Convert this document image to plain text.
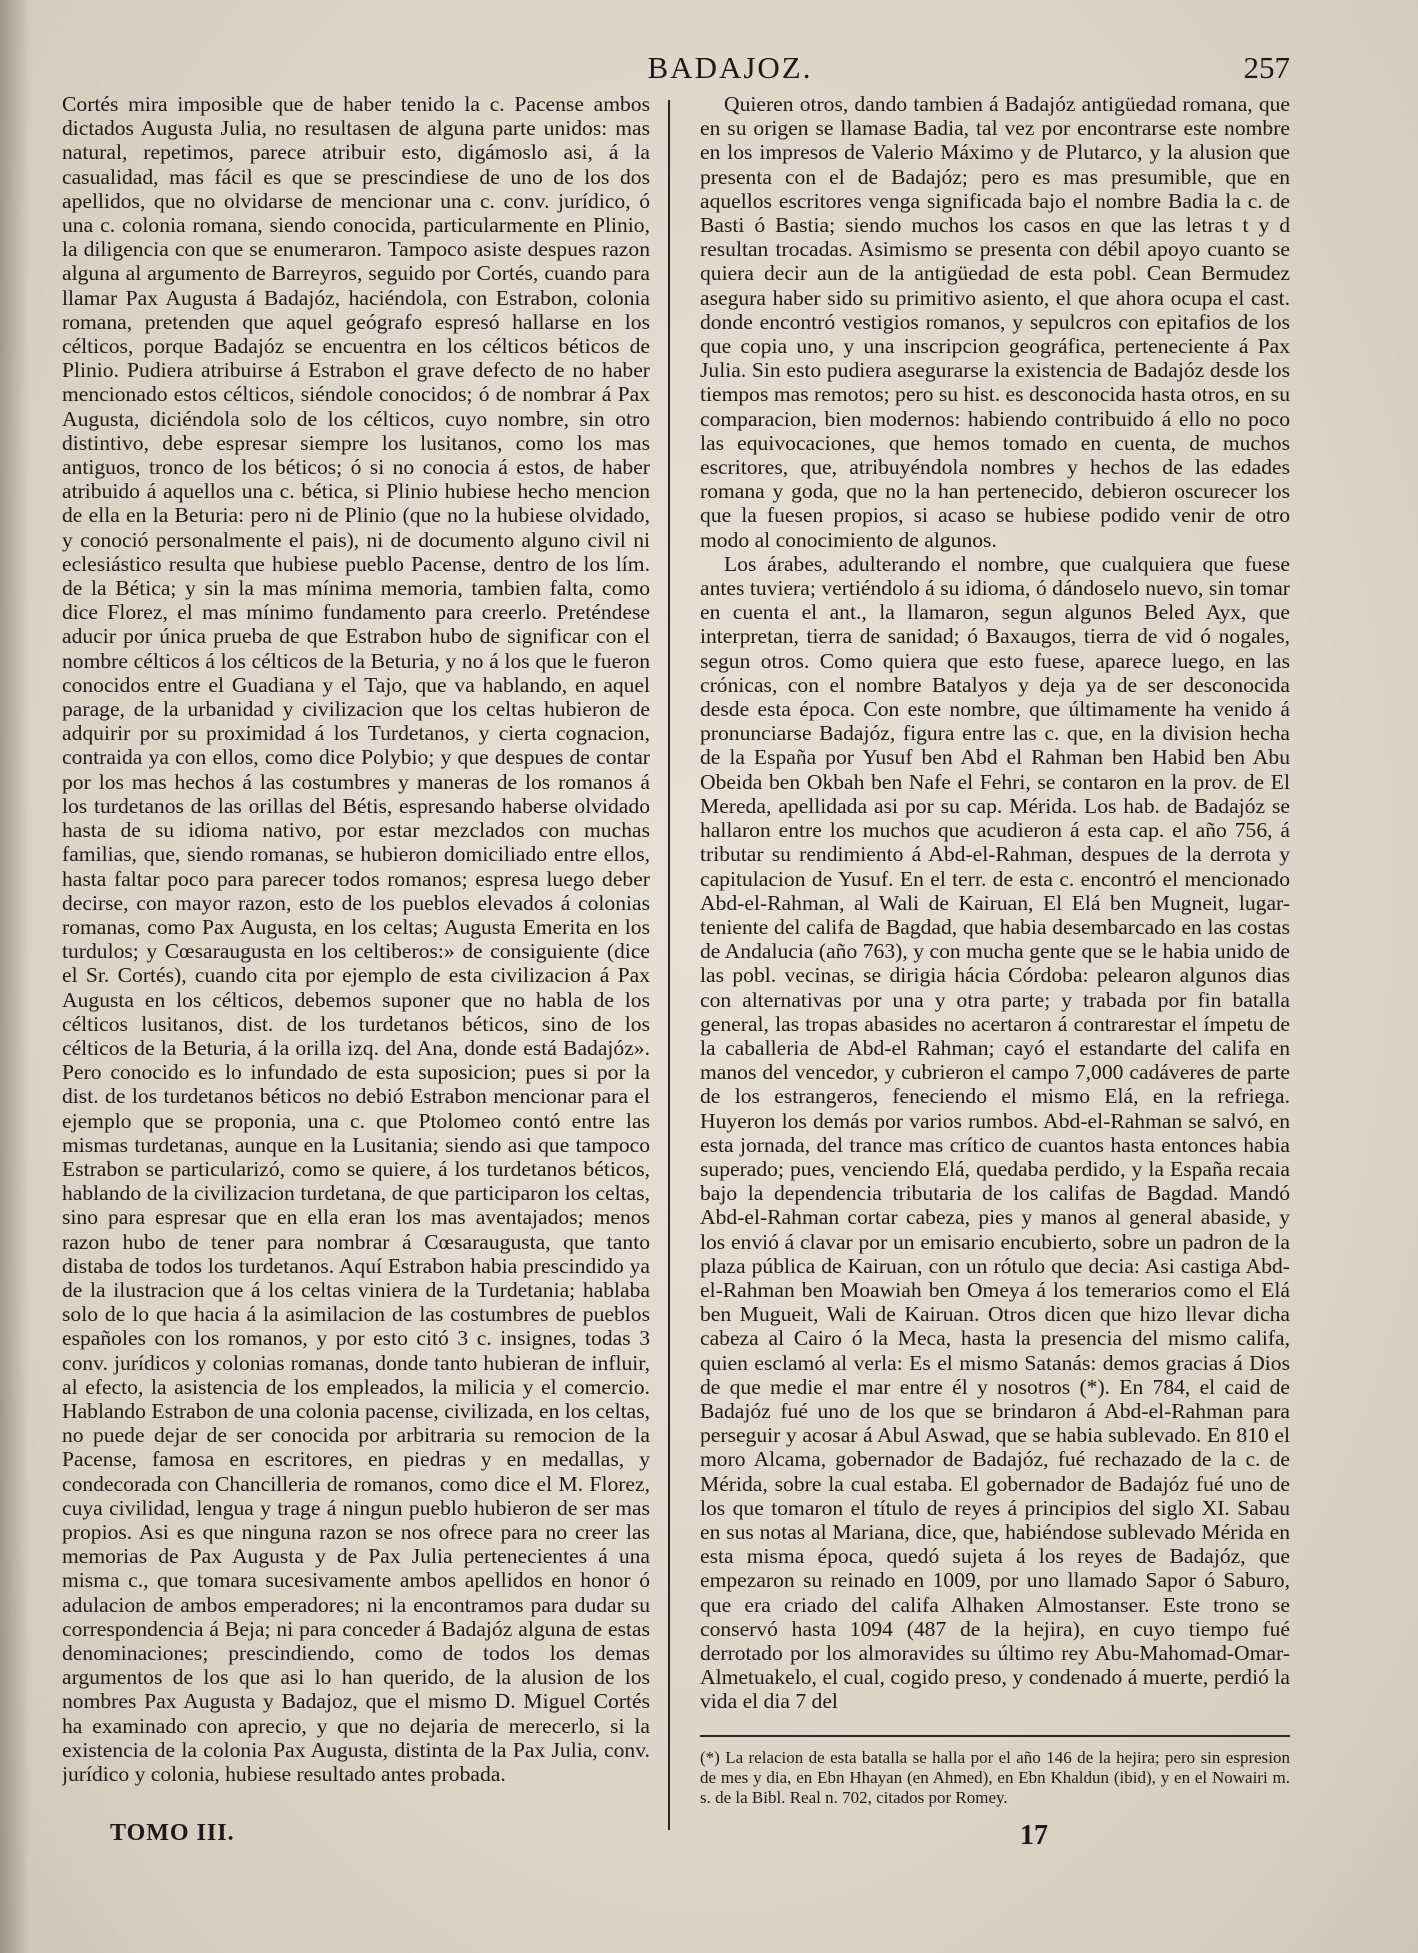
BADAJOZ.	257

Cortés mira imposible que de haber tenido la c. Pacense ambos dictados Augusta Julia, no resultasen de alguna parte unidos: mas natural, repetimos, parece atribuir esto, digámoslo asi, á la casualidad, mas fácil es que se prescindiese de uno de los dos apellidos, que no olvidarse de mencionar una c. conv. jurídico, ó una c. colonia romana, siendo conocida, particularmente en Plinio, la diligencia con que se enumeraron. Tampoco asiste despues razon alguna al argumento de Barreyros, seguido por Cortés, cuando para llamar Pax Augusta á Badajóz, haciéndola, con Estrabon, colonia romana, pretenden que aquel geógrafo espresó hallarse en los célticos, porque Badajóz se encuentra en los célticos béticos de Plinio. Pudiera atribuirse á Estrabon el grave defecto de no haber mencionado estos célticos, siéndole conocidos; ó de nombrar á Pax Augusta, diciéndola solo de los célticos, cuyo nombre, sin otro distintivo, debe espresar siempre los lusitanos, como los mas antiguos, tronco de los béticos; ó si no conocia á estos, de haber atribuido á aquellos una c. bética, si Plinio hubiese hecho mencion de ella en la Beturia: pero ni de Plinio (que no la hubiese olvidado, y conoció personalmente el pais), ni de documento alguno civil ni eclesiástico resulta que hubiese pueblo Pacense, dentro de los lím. de la Bética; y sin la mas mínima memoria, tambien falta, como dice Florez, el mas mínimo fundamento para creerlo. Preténdese aducir por única prueba de que Estrabon hubo de significar con el nombre célticos á los célticos de la Beturia, y no á los que le fueron conocidos entre el Guadiana y el Tajo, que va hablando, en aquel parage, de la urbanidad y civilizacion que los celtas hubieron de adquirir por su proximidad á los Turdetanos, y cierta cognacion, contraida ya con ellos, como dice Polybio; y que despues de contar por los mas hechos á las costumbres y maneras de los romanos á los turdetanos de las orillas del Bétis, espresando haberse olvidado hasta de su idioma nativo, por estar mezclados con muchas familias, que, siendo romanas, se hubieron domiciliado entre ellos, hasta faltar poco para parecer todos romanos; espresa luego deber decirse, con mayor razon, esto de los pueblos elevados á colonias romanas, como Pax Augusta, en los celtas; Augusta Emerita en los turdulos; y Cœsaraugusta en los celtiberos:» de consiguiente (dice el Sr. Cortés), cuando cita por ejemplo de esta civilizacion á Pax Augusta en los célticos, debemos suponer que no habla de los célticos lusitanos, dist. de los turdetanos béticos, sino de los célticos de la Beturia, á la orilla izq. del Ana, donde está Badajóz». Pero conocido es lo infundado de esta suposicion; pues si por la dist. de los turdetanos béticos no debió Estrabon mencionar para el ejemplo que se proponia, una c. que Ptolomeo contó entre las mismas turdetanas, aunque en la Lusitania; siendo asi que tampoco Estrabon se particularizó, como se quiere, á los turdetanos béticos, hablando de la civilizacion turdetana, de que participaron los celtas, sino para espresar que en ella eran los mas aventajados; menos razon hubo de tener para nombrar á Cœsaraugusta, que tanto distaba de todos los turdetanos. Aquí Estrabon habia prescindido ya de la ilustracion que á los celtas viniera de la Turdetania; hablaba solo de lo que hacia á la asimilacion de las costumbres de pueblos españoles con los romanos, y por esto citó 3 c. insignes, todas 3 conv. jurídicos y colonias romanas, donde tanto hubieran de influir, al efecto, la asistencia de los empleados, la milicia y el comercio. Hablando Estrabon de una colonia pacense, civilizada, en los celtas, no puede dejar de ser conocida por arbitraria su remocion de la Pacense, famosa en escritores, en piedras y en medallas, y condecorada con Chancilleria de romanos, como dice el M. Florez, cuya civilidad, lengua y trage á ningun pueblo hubieron de ser mas propios. Asi es que ninguna razon se nos ofrece para no creer las memorias de Pax Augusta y de Pax Julia pertenecientes á una misma c., que tomara sucesivamente ambos apellidos en honor ó adulacion de ambos emperadores; ni la encontramos para dudar su correspondencia á Beja; ni para conceder á Badajóz alguna de estas denominaciones; prescindiendo, como de todos los demas argumentos de los que asi lo han querido, de la alusion de los nombres Pax Augusta y Badajoz, que el mismo D. Miguel Cortés ha examinado con aprecio, y que no dejaria de merecerlo, si la existencia de la colonia Pax Augusta, distinta de la Pax Julia, conv. jurídico y colonia, hubiese resultado antes probada.

Quieren otros, dando tambien á Badajóz antigüedad romana, que en su origen se llamase Badia, tal vez por encontrarse este nombre en los impresos de Valerio Máximo y de Plutarco, y la alusion que presenta con el de Badajóz; pero es mas presumible, que en aquellos escritores venga significada bajo el nombre Badia la c. de Basti ó Bastia; siendo muchos los casos en que las letras t y d resultan trocadas. Asimismo se presenta con débil apoyo cuanto se quiera decir aun de la antigüedad de esta pobl. Cean Bermudez asegura haber sido su primitivo asiento, el que ahora ocupa el cast. donde encontró vestigios romanos, y sepulcros con epitafios de los que copia uno, y una inscripcion geográfica, perteneciente á Pax Julia. Sin esto pudiera asegurarse la existencia de Badajóz desde los tiempos mas remotos; pero su hist. es desconocida hasta otros, en su comparacion, bien modernos: habiendo contribuido á ello no poco las equivocaciones, que hemos tomado en cuenta, de muchos escritores, que, atribuyéndola nombres y hechos de las edades romana y goda, que no la han pertenecido, debieron oscurecer los que la fuesen propios, si acaso se hubiese podido venir de otro modo al conocimiento de algunos.

Los árabes, adulterando el nombre, que cualquiera que fuese antes tuviera; vertiéndolo á su idioma, ó dándoselo nuevo, sin tomar en cuenta el ant., la llamaron, segun algunos Beled Ayx, que interpretan, tierra de sanidad; ó Baxaugos, tierra de vid ó nogales, segun otros. Como quiera que esto fuese, aparece luego, en las crónicas, con el nombre Batalyos y deja ya de ser desconocida desde esta época. Con este nombre, que últimamente ha venido á pronunciarse Badajóz, figura entre las c. que, en la division hecha de la España por Yusuf ben Abd el Rahman ben Habid ben Abu Obeida ben Okbah ben Nafe el Fehri, se contaron en la prov. de El Mereda, apellidada asi por su cap. Mérida. Los hab. de Badajóz se hallaron entre los muchos que acudieron á esta cap. el año 756, á tributar su rendimiento á Abd-el-Rahman, despues de la derrota y capitulacion de Yusuf. En el terr. de esta c. encontró el mencionado Abd-el-Rahman, al Wali de Kairuan, El Elá ben Mugneit, lugar-teniente del califa de Bagdad, que habia desembarcado en las costas de Andalucia (año 763), y con mucha gente que se le habia unido de las pobl. vecinas, se dirigia hácia Córdoba: pelearon algunos dias con alternativas por una y otra parte; y trabada por fin batalla general, las tropas abasides no acertaron á contrarestar el ímpetu de la caballeria de Abd-el Rahman; cayó el estandarte del califa en manos del vencedor, y cubrieron el campo 7,000 cadáveres de parte de los estrangeros, feneciendo el mismo Elá, en la refriega. Huyeron los demás por varios rumbos. Abd-el-Rahman se salvó, en esta jornada, del trance mas crítico de cuantos hasta entonces habia superado; pues, venciendo Elá, quedaba perdido, y la España recaia bajo la dependencia tributaria de los califas de Bagdad. Mandó Abd-el-Rahman cortar cabeza, pies y manos al general abaside, y los envió á clavar por un emisario encubierto, sobre un padron de la plaza pública de Kairuan, con un rótulo que decia: Asi castiga Abd-el-Rahman ben Moawiah ben Omeya á los temerarios como el Elá ben Mugueit, Wali de Kairuan. Otros dicen que hizo llevar dicha cabeza al Cairo ó la Meca, hasta la presencia del mismo califa, quien esclamó al verla: Es el mismo Satanás: demos gracias á Dios de que medie el mar entre él y nosotros (*). En 784, el caid de Badajóz fué uno de los que se brindaron á Abd-el-Rahman para perseguir y acosar á Abul Aswad, que se habia sublevado. En 810 el moro Alcama, gobernador de Badajóz, fué rechazado de la c. de Mérida, sobre la cual estaba. El gobernador de Badajóz fué uno de los que tomaron el título de reyes á principios del siglo XI. Sabau en sus notas al Mariana, dice, que, habiéndose sublevado Mérida en esta misma época, quedó sujeta á los reyes de Badajóz, que empezaron su reinado en 1009, por uno llamado Sapor ó Saburo, que era criado del califa Alhaken Almostanser. Este trono se conservó hasta 1094 (487 de la hejira), en cuyo tiempo fué derrotado por los almoravides su último rey Abu-Mahomad-Omar-Almetuakelo, el cual, cogido preso, y condenado á muerte, perdió la vida el dia 7 del

(*) La relacion de esta batalla se halla por el año 146 de la hejira; pero sin espresion de mes y dia, en Ebn Hhayan (en Ahmed), en Ebn Khaldun (ibid), y en el Nowairi m. s. de la Bibl. Real n. 702, citados por Romey.
TOMO III.	17
